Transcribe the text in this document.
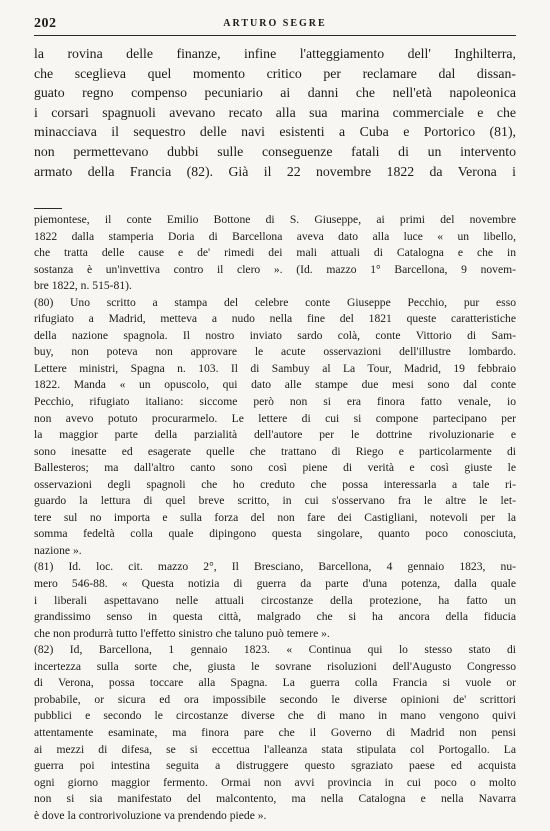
202	ARTURO SEGRE
la rovina delle finanze, infine l'atteggiamento dell' Inghilterra,
che sceglieva quel momento critico per reclamare dal dissan-
guato regno compenso pecuniario ai danni che nell'età napoleonica
i corsari spagnuoli avevano recato alla sua marina commerciale e che
minacciava il sequestro delle navi esistenti a Cuba e Portorico (81),
non permettevano dubbi sulle conseguenze fatali di un intervento
armato della Francia (82). Già il 22 novembre 1822 da Verona i
piemontese, il conte Emilio Bottone di S. Giuseppe, ai primi del novembre
1822 dalla stamperia Doria di Barcellona aveva dato alla luce « un libello,
che tratta delle cause e de' rimedi dei mali attuali di Catalogna e che in
sostanza è un'invettiva contro il clero ». (Id. mazzo 1° Barcellona, 9 novem-
bre 1822, n. 515-81).
(80) Uno scritto a stampa del celebre conte Giuseppe Pecchio, pur esso
rifugiato a Madrid, metteva a nudo nella fine del 1821 queste caratteristiche
della nazione spagnola. Il nostro inviato sardo colà, conte Vittorio di Sam-
buy, non poteva non approvare le acute osservazioni dell'illustre lombardo.
Lettere ministri, Spagna n. 103. Il di Sambuy al La Tour, Madrid, 19 febbraio
1822. Manda « un opuscolo, qui dato alle stampe due mesi sono dal conte
Pecchio, rifugiato italiano: siccome però non si era finora fatto venale, io
non avevo potuto procurarmelo. Le lettere di cui si compone partecipano per
la maggior parte della parzialità dell'autore per le dottrine rivoluzionarie e
sono inesatte ed esagerate quelle che trattano di Riego e particolarmente di
Ballesteros; ma dall'altro canto sono così piene di verità e così giuste le
osservazioni degli spagnoli che ho creduto che possa interessarla a tale ri-
guardo la lettura di quel breve scritto, in cui s'osservano fra le altre le let-
tere sul no importa e sulla forza del non fare dei Castigliani, notevoli per la
somma fedeltà colla quale dipingono questa singolare, quanto poco conosciuta,
nazione ».
(81) Id. loc. cit. mazzo 2°, Il Bresciano, Barcellona, 4 gennaio 1823, nu-
mero 546-88. « Questa notizia di guerra da parte d'una potenza, dalla quale
i liberali aspettavano nelle attuali circostanze della protezione, ha fatto un
grandissimo senso in questa città, malgrado che si ha ancora della fiducia
che non produrrà tutto l'effetto sinistro che taluno può temere ».
(82) Id, Barcellona, 1 gennaio 1823. « Continua qui lo stesso stato di
incertezza sulla sorte che, giusta le sovrane risoluzioni dell'Augusto Congresso
di Verona, possa toccare alla Spagna. La guerra colla Francia si vuole or
probabile, or sicura ed ora impossibile secondo le diverse opinioni de' scrittori
pubblici e secondo le circostanze diverse che di mano in mano vengono quivi
attentamente esaminate, ma finora pare che il Governo di Madrid non pensi
ai mezzi di difesa, se si eccettua l'alleanza stata stipulata col Portogallo. La
guerra poi intestina seguita a distruggere questo sgraziato paese ed acquista
ogni giorno maggior fermento. Ormai non avvi provincia in cui poco o molto
non si sia manifestato del malcontento, ma nella Catalogna e nella Navarra
è dove la controrivoluzione va prendendo piede ».
